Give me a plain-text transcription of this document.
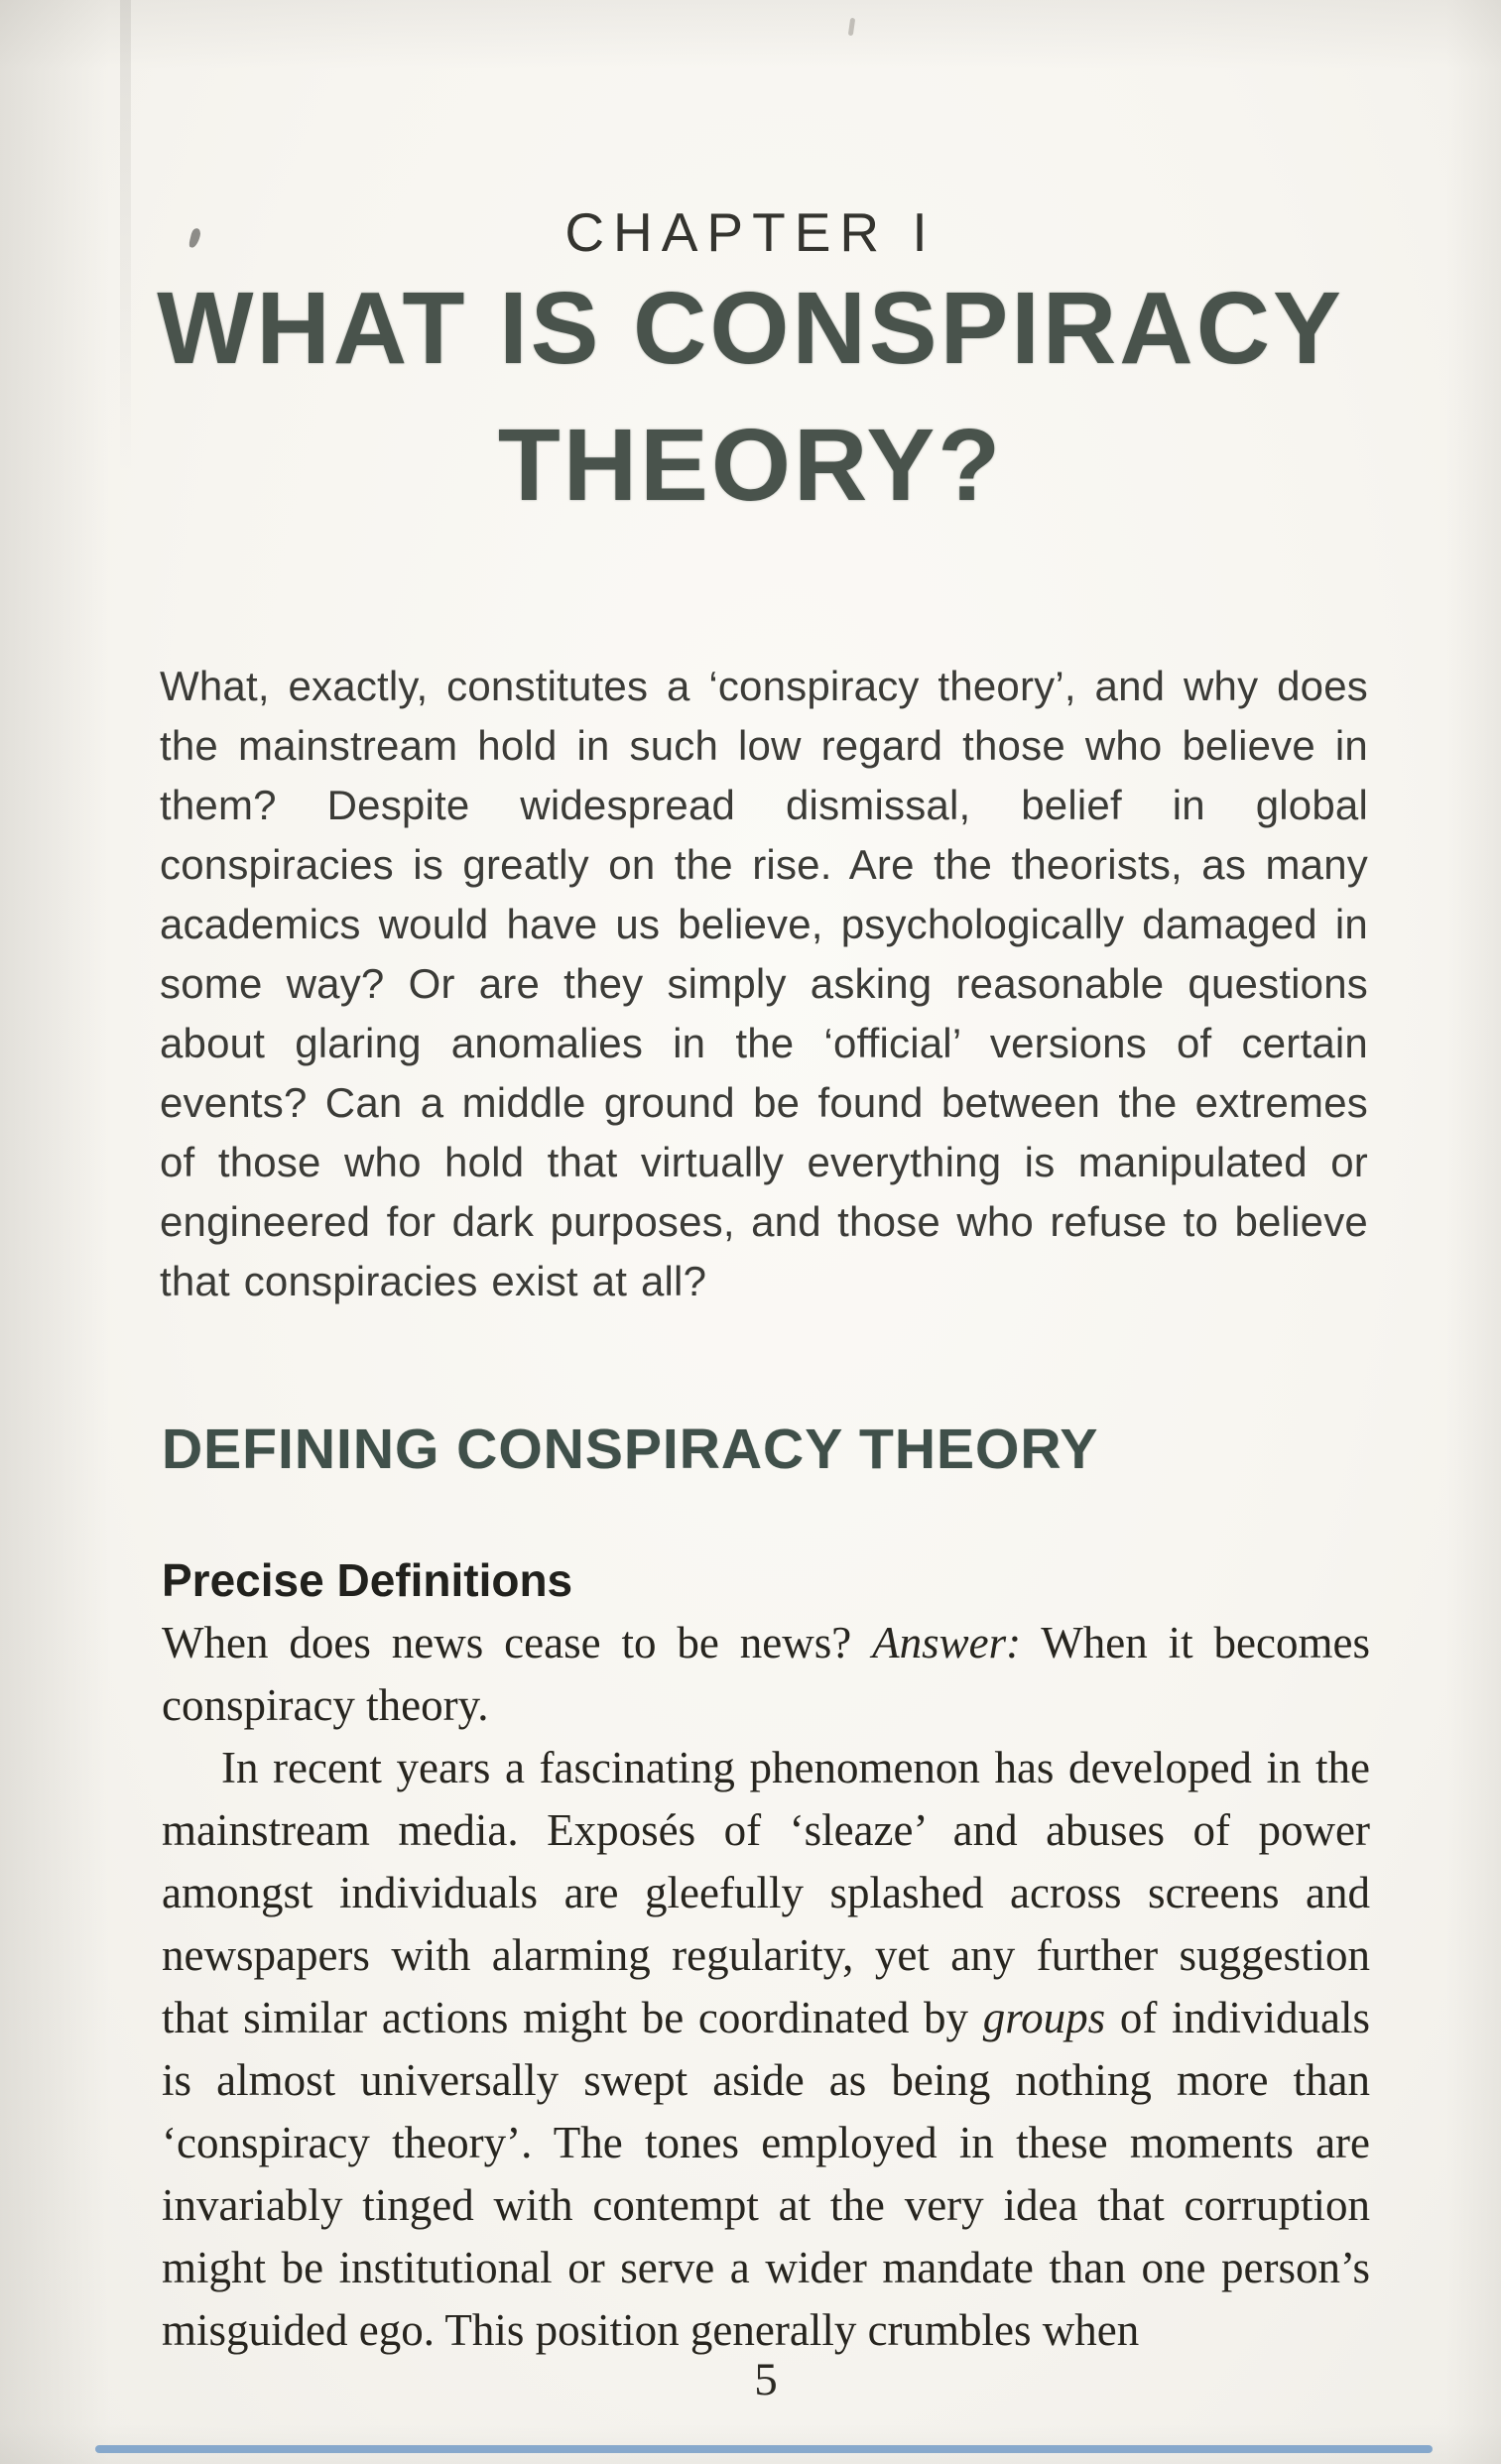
CHAPTER I
WHAT IS CONSPIRACY
THEORY?
What, exactly, constitutes a ‘conspiracy theory’, and why does the mainstream hold in such low regard those who believe in them? Despite widespread dismissal, belief in global conspiracies is greatly on the rise. Are the theorists, as many academics would have us believe, psychologically damaged in some way? Or are they simply asking reasonable questions about glaring anomalies in the ‘official’ versions of certain events? Can a middle ground be found between the extremes of those who hold that virtually everything is manipulated or engineered for dark purposes, and those who refuse to believe that conspiracies exist at all?
DEFINING CONSPIRACY THEORY
Precise Definitions

When does news cease to be news? Answer: When it becomes conspiracy theory.

In recent years a fascinating phenomenon has developed in the mainstream media. Exposés of ‘sleaze’ and abuses of power amongst individuals are gleefully splashed across screens and newspapers with alarming regularity, yet any further suggestion that similar actions might be coordinated by groups of individuals is almost universally swept aside as being nothing more than ‘conspiracy theory’. The tones employed in these moments are invariably tinged with contempt at the very idea that corruption might be institutional or serve a wider mandate than one person’s misguided ego. This position generally crumbles when

5
